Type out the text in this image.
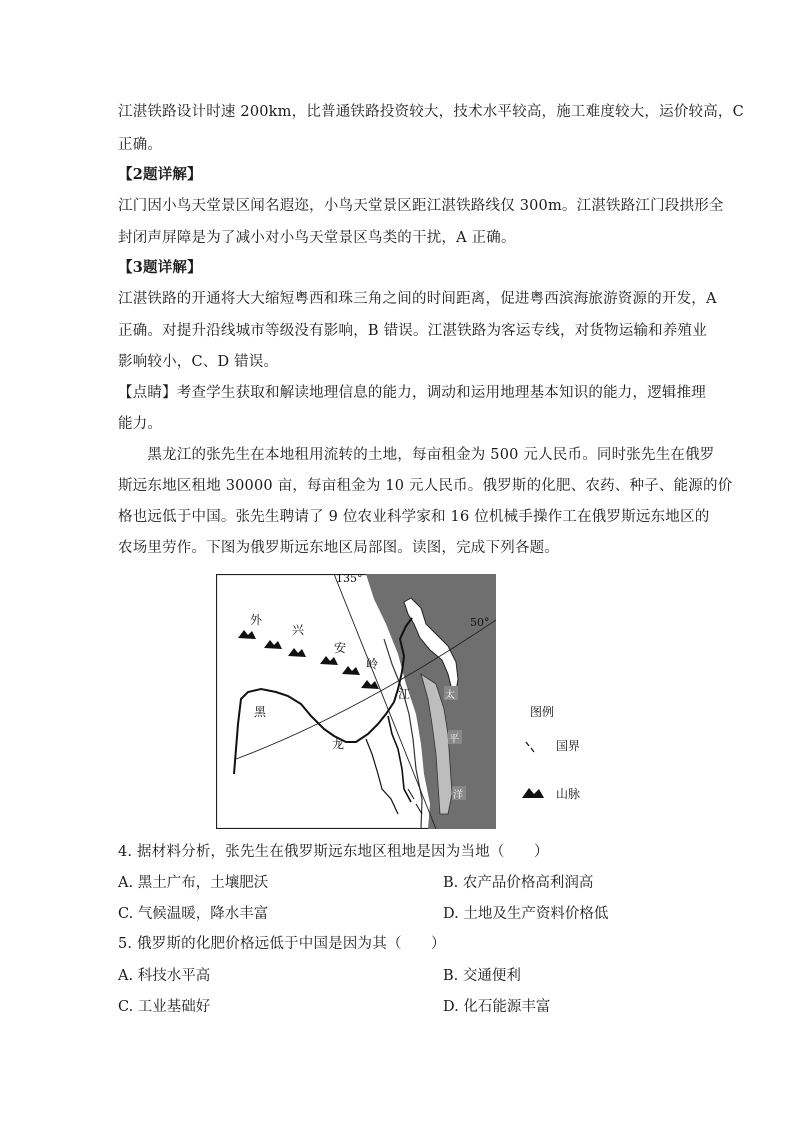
江湛铁路设计时速 200km，比普通铁路投资较大，技术水平较高，施工难度较大，运价较高，C
正确。
【2题详解】
江门因小鸟天堂景区闻名遐迩，小鸟天堂景区距江湛铁路线仅 300m。江湛铁路江门段拱形全
封闭声屏障是为了减小对小鸟天堂景区鸟类的干扰，A 正确。
【3题详解】
江湛铁路的开通将大大缩短粤西和珠三角之间的时间距离，促进粤西滨海旅游资源的开发，A
正确。对提升沿线城市等级没有影响，B 错误。江湛铁路为客运专线，对货物运输和养殖业
影响较小，C、D 错误。
【点睛】考查学生获取和解读地理信息的能力，调动和运用地理基本知识的能力，逻辑推理
能力。
　　黑龙江的张先生在本地租用流转的土地，每亩租金为 500 元人民币。同时张先生在俄罗
斯远东地区租地 30000 亩，每亩租金为 10 元人民币。俄罗斯的化肥、农药、种子、能源的价
格也远低于中国。张先生聘请了 9 位农业科学家和 16 位机械手操作工在俄罗斯远东地区的
农场里劳作。下图为俄罗斯远东地区局部图。读图，完成下列各题。
135°
50°
外
兴
安
岭
黑
龙
江	太
平
洋
图例
国界
山脉
4. 据材料分析，张先生在俄罗斯远东地区租地是因为当地（　　）
A. 黑土广布，土壤肥沃	B. 农产品价格高利润高
C. 气候温暖，降水丰富	D. 土地及生产资料价格低
5. 俄罗斯的化肥价格远低于中国是因为其（　　）
A. 科技水平高	B. 交通便利
C. 工业基础好	D. 化石能源丰富
